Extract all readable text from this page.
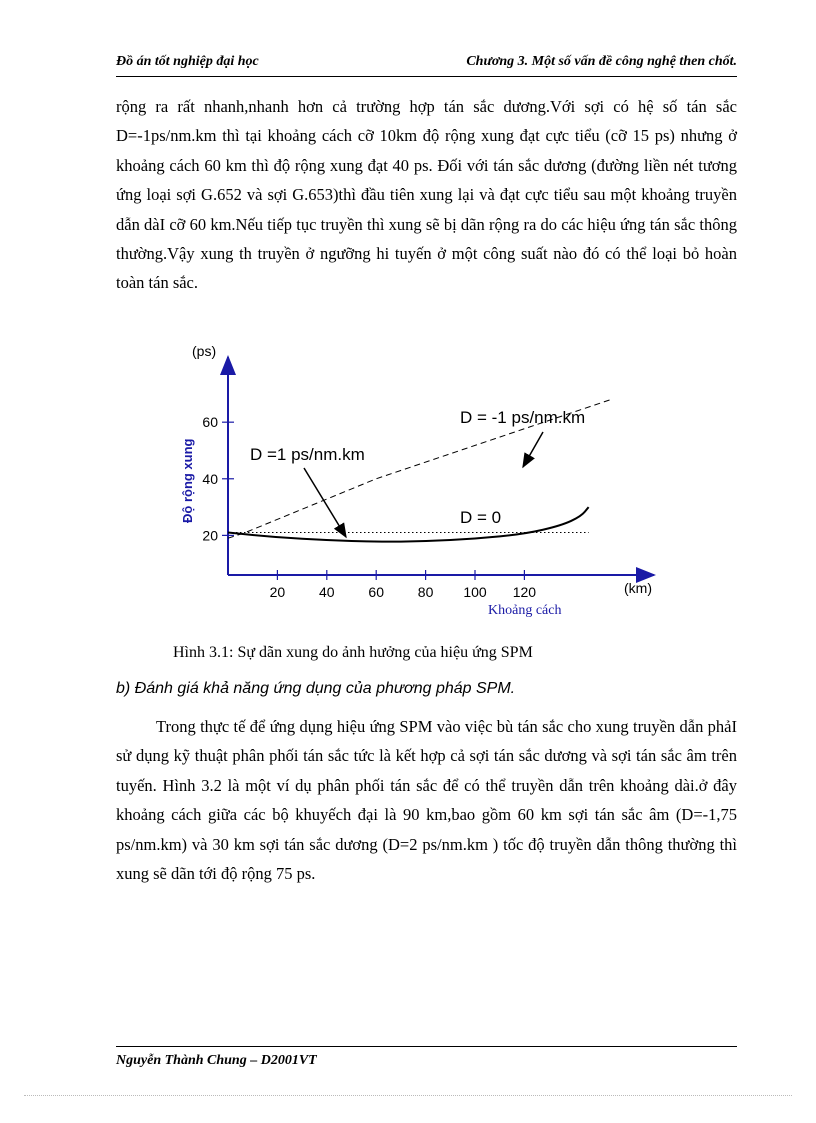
Đồ án tốt nghiệp đại học	Chương 3. Một số vấn đề công nghệ then chốt.

rộng ra rất nhanh,nhanh hơn cả trường hợp tán sắc dương.Với sợi có hệ số tán sắc D=-1ps/nm.km thì tại khoảng cách cỡ 10km độ rộng xung đạt cực tiểu (cỡ 15 ps) nhưng ở khoảng cách 60 km thì độ rộng xung đạt 40 ps. Đối với tán sắc dương (đường liền nét tương ứng loại sợi G.652 và sợi G.653)thì đầu tiên xung lại và đạt cực tiểu sau một khoảng truyền dẫn dàI cỡ 60 km.Nếu tiếp tục truyền thì xung sẽ bị dãn rộng ra do các hiệu ứng tán sắc thông thường.Vậy xung th truyền ở ngưỡng hi tuyến ở một công suất nào đó có thể loại bỏ hoàn toàn tán sắc.

(ps)
(km)
Khoảng cách
Độ rộng xung
20 40 60 80 100 120
20
40
60	D = -1 ps/nm.km
D =1 ps/nm.km
D = 0
Hình 3.1: Sự dãn xung do ảnh hưởng của hiệu ứng SPM
b) Đánh giá khả năng ứng dụng của phương pháp SPM.

Trong thực tế để ứng dụng hiệu ứng SPM vào việc bù tán sắc cho xung truyền dẫn phảI sử dụng kỹ thuật phân phối tán sắc tức là kết hợp cả sợi tán sắc dương và sợi tán sắc âm trên tuyến. Hình 3.2 là một ví dụ phân phối tán sắc để có thể truyền dẫn trên khoảng dài.ở đây khoảng cách giữa các bộ khuyếch đại là 90 km,bao gồm 60 km sợi tán sắc âm (D=-1,75 ps/nm.km) và 30 km sợi tán sắc dương (D=2 ps/nm.km ) tốc độ truyền dẫn thông thường thì xung sẽ dãn tới độ rộng 75 ps.

Nguyễn Thành Chung – D2001VT
